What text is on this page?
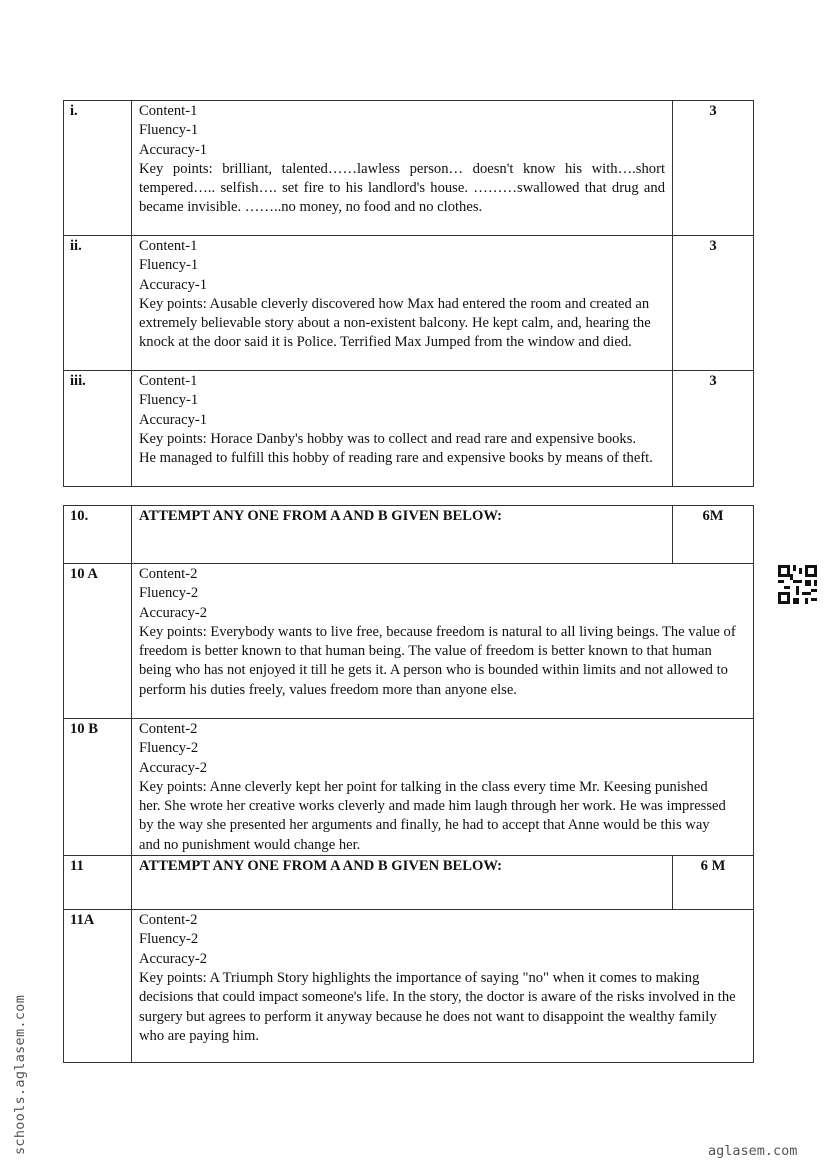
i.	Content-1
Fluency-1
Accuracy-1
Key points: brilliant, talented……lawless person… doesn't know his with….short tempered….. selfish…. set fire to his landlord's house. ………swallowed that drug and became invisible. ……..no money, no food and no clothes.	3
ii.	Content-1
Fluency-1
Accuracy-1
Key points: Ausable cleverly discovered how Max had entered the room and created an extremely believable story about a non-existent balcony. He kept calm, and, hearing the knock at the door said it is Police. Terrified Max Jumped from the window and died.	3
iii.	Content-1
Fluency-1
Accuracy-1
Key points: Horace Danby's hobby was to collect and read rare and expensive books. He managed to fulfill this hobby of reading rare and expensive books by means of theft.	3
10.	ATTEMPT ANY ONE FROM A AND B GIVEN BELOW:	6M
10 A	Content-2
Fluency-2
Accuracy-2
Key points: Everybody wants to live free, because freedom is natural to all living beings. The value of freedom is better known to that human being. The value of freedom is better known to that human being who has not enjoyed it till he gets it. A person who is bounded within limits and not allowed to perform his duties freely, values freedom more than anyone else.	

10 B	Content-2
Fluency-2
Accuracy-2
Key points: Anne cleverly kept her point for talking in the class every time Mr. Keesing punished her. She wrote her creative works cleverly and made him laugh through her work. He was impressed by the way she presented her arguments and finally, he had to accept that Anne would be this way and no punishment would change her.	

11	ATTEMPT ANY ONE FROM A AND B GIVEN BELOW:	6 M
11A	Content-2
Fluency-2
Accuracy-2
Key points: A Triumph Story highlights the importance of saying "no" when it comes to making decisions that could impact someone's life. In the story, the doctor is aware of the risks involved in the surgery but agrees to perform it anyway because he does not want to disappoint the wealthy family who are paying him.	
schools.aglasem.com	aglasem.com
